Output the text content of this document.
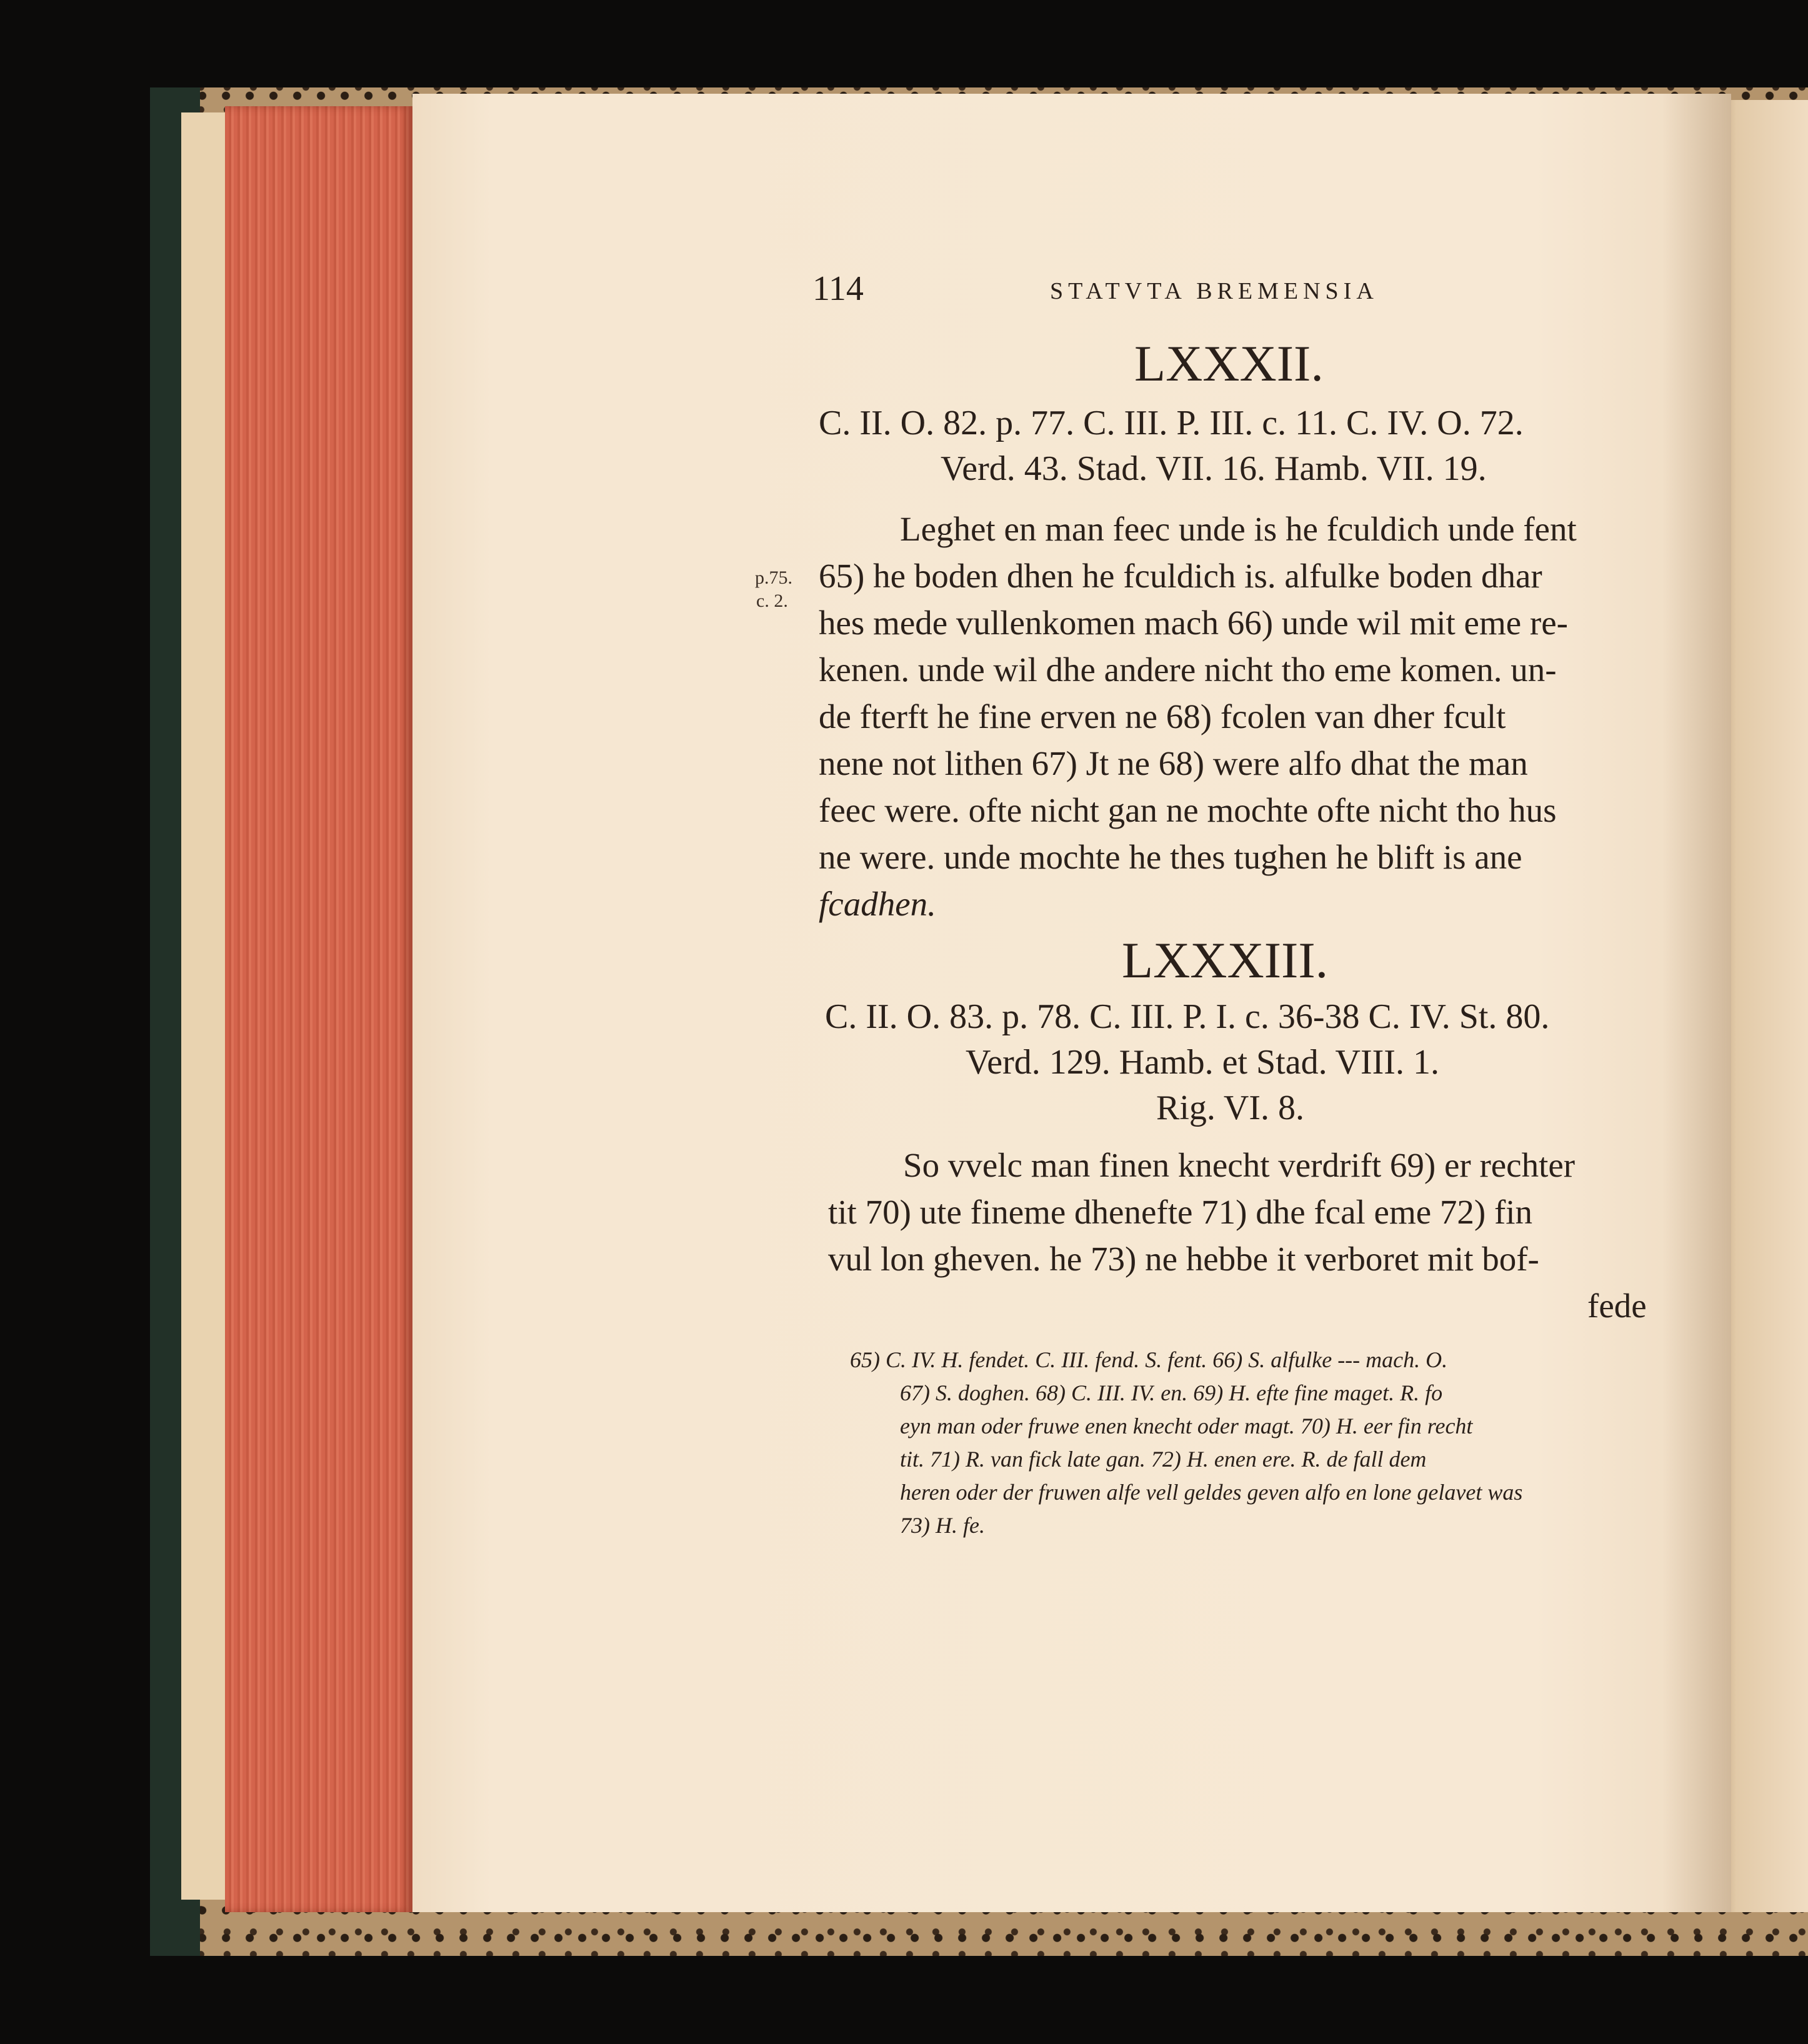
114	STATVTA BREMENSIA
LXXXII.
C. II. O. 82. p. 77. C. III. P. III. c. 11. C. IV. O. 72.
Verd. 43. Stad. VII. 16. Hamb. VII. 19.
p.75.
c. 2.
Leghet en man feec unde is he fculdich unde fent
65) he boden dhen he fculdich is. alfulke boden dhar
hes mede vullenkomen mach 66) unde wil mit eme re-
kenen. unde wil dhe andere nicht tho eme komen. un-
de fterft he fine erven ne 68) fcolen van dher fcult
nene not lithen 67) Jt ne 68) were alfo dhat the man
feec were. ofte nicht gan ne mochte ofte nicht tho hus
ne were. unde mochte he thes tughen he blift is ane
fcadhen.
LXXXIII.
C. II. O. 83. p. 78. C. III. P. I. c. 36-38 C. IV. St. 80.
Verd. 129. Hamb. et Stad. VIII. 1.
Rig. VI. 8.
So vvelc man finen knecht verdrift 69) er rechter
tit 70) ute fineme dhenefte 71) dhe fcal eme 72) fin
vul lon gheven. he 73) ne hebbe it verboret mit bof-
fede
65) C. IV. H. fendet. C. III. fend. S. fent. 66) S. alfulke --- mach. O.
67) S. doghen. 68) C. III. IV. en. 69) H. efte fine maget. R. fo
eyn man oder fruwe enen knecht oder magt. 70) H. eer fin recht
tit. 71) R. van fick late gan. 72) H. enen ere. R. de fall dem
heren oder der fruwen alfe vell geldes geven alfo en lone gelavet was
73) H. fe.
